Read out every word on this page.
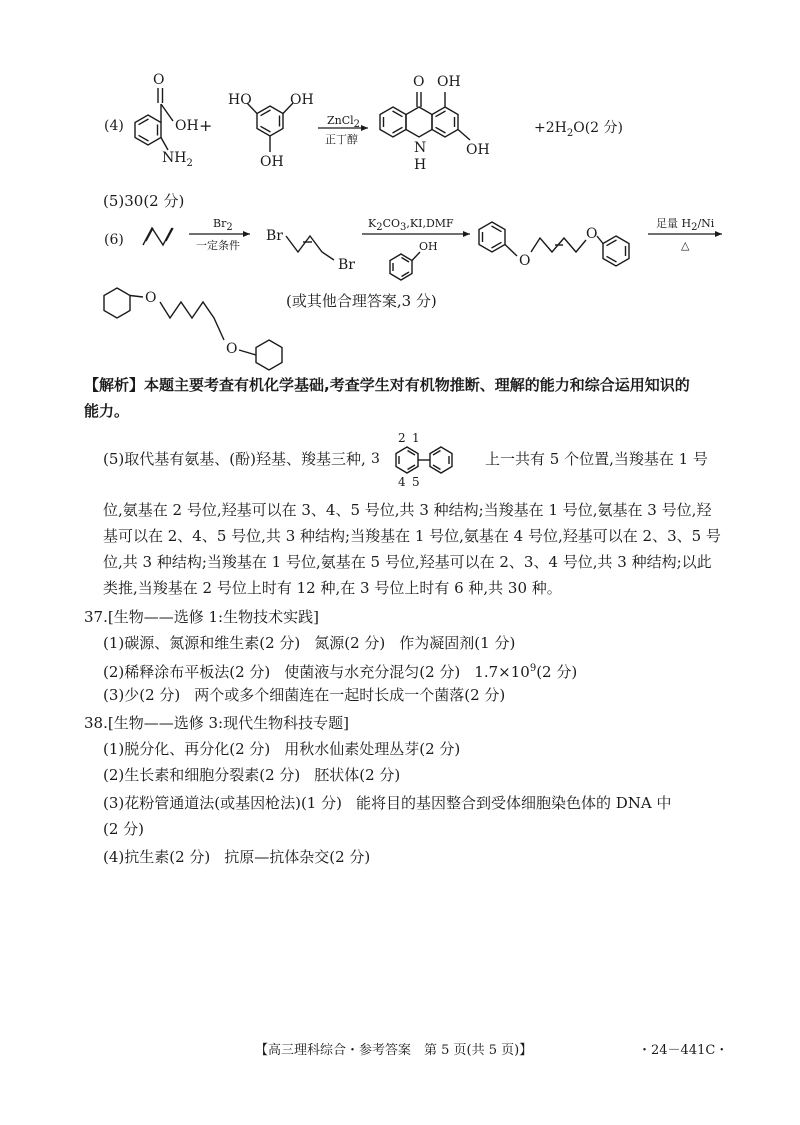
(4)
O
OH +
$NH_2$
HO	OH
OH
ZnCl$_2$
正丁醇
O OH
N
H
OH
$+2H_2O(2$ 分)
(5)30(2 分)
(6)
$Br_2$
一定条件
Br
Br
$K_2CO_3,KI,DMF$
OH
O
O
足量 $H_2/Ni$
△
O
O
(或其他合理答案,3 分)
【解析】本题主要考查有机化学基础,考查学生对有机物推断、理解的能力和综合运用知识的
能力。
(5)取代基有氨基、(酚)羟基、羧基三种, 3
2 1
4 5
上一共有 5 个位置,当羧基在 1 号
位,氨基在 2 号位,羟基可以在 3、4、5 号位,共 3 种结构;当羧基在 1 号位,氨基在 3 号位,羟
基可以在 2、4、5 号位,共 3 种结构;当羧基在 1 号位,氨基在 4 号位,羟基可以在 2、3、5 号
位,共 3 种结构;当羧基在 1 号位,氨基在 5 号位,羟基可以在 2、3、4 号位,共 3 种结构;以此
类推,当羧基在 2 号位上时有 12 种,在 3 号位上时有 6 种,共 30 种。
37.[生物——选修 1:生物技术实践]
(1)碳源、氮源和维生素(2 分) 氮源(2 分) 作为凝固剂(1 分)
(2)稀释涂布平板法(2 分) 使菌液与水充分混匀(2 分) $1.7\times 10^9(2$ 分)
(3)少(2 分) 两个或多个细菌连在一起时长成一个菌落(2 分)
38.[生物——选修 3:现代生物科技专题]
(1)脱分化、再分化(2 分) 用秋水仙素处理丛芽(2 分)
(2)生长素和细胞分裂素(2 分) 胚状体(2 分)
(3)花粉管通道法(或基因枪法)(1 分) 能将目的基因整合到受体细胞染色体的 DNA 中
(2 分)
(4)抗生素(2 分) 抗原—抗体杂交(2 分)
【高三理科综合・参考答案　第 5 页(共 5 页)】	・24－441C・
